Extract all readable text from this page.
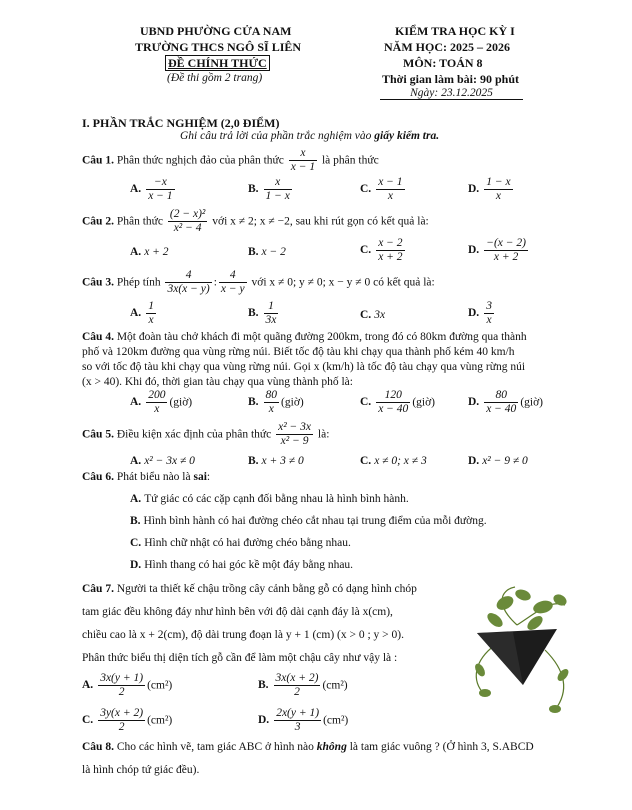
UBND PHƯỜNG CỬA NAM
TRƯỜNG THCS NGÔ SĨ LIÊN
ĐỀ CHÍNH THỨC
(Đề thi gồm 2 trang)
KIỂM TRA HỌC KỲ I
NĂM HỌC: 2025 – 2026
MÔN: TOÁN 8
Thời gian làm bài: 90 phút
Ngày: 23.12.2025
I. PHẦN TRẮC NGHIỆM (2,0 ĐIỂM)
Ghi câu trả lời của phần trắc nghiệm vào giấy kiểm tra.
Câu 1. Phân thức nghịch đảo của phân thức $\frac{x}{x - 1}$ là phân thức
A. $\frac{-x}{x - 1}$	B. $\frac{x}{1 - x}$	C. $\frac{x - 1}{x}$	D. $\frac{1 - x}{x}$
Câu 2. Phân thức $\frac{\text{(2 − x)²}}{\text{x² − 4}}$ với x ≠ 2; x ≠ −2, sau khi rút gọn có kết quả là:
A. x + 2	B. x − 2	C. $\frac{x - 2}{x + 2}$	D. $\frac{-(x - 2)}{x + 2}$
Câu 3. Phép tính $\frac{4}{3x(x - y)}$ : $\frac{4}{x - y}$ với x ≠ 0; y ≠ 0; x − y ≠ 0 có kết quả là:
A. $\frac{1}{x}$	B. $\frac{1}{3x}$	C. 3x	D. $\frac{3}{x}$
Câu 4. Một đoàn tàu chở khách đi một quãng đường 200km, trong đó có 80km đường qua thành
phố và 120km đường qua vùng rừng núi. Biết tốc độ tàu khi chạy qua thành phố kém 40 km/h
so với tốc độ tàu khi chạy qua vùng rừng núi. Gọi x (km/h) là tốc độ tàu chạy qua vùng rừng núi
(x > 40). Khi đó, thời gian tàu chạy qua vùng thành phố là:
A. $\frac{200}{x}$ (giờ)	B. $\frac{80}{x}$ (giờ)	C. $\frac{120}{x - 40}$ (giờ)	D. $\frac{80}{x - 40}$ (giờ)
Câu 5. Điều kiện xác định của phân thức $\frac{\text{x² − 3x}}{\text{x² − 9}}$ là:
A. x² − 3x ≠ 0	B. x + 3 ≠ 0	C. x ≠ 0; x ≠ 3	D. x² − 9 ≠ 0
Câu 6. Phát biểu nào là sai:
A. Tứ giác có các cặp cạnh đối bằng nhau là hình bình hành.
B. Hình bình hành có hai đường chéo cắt nhau tại trung điểm của mỗi đường.
C. Hình chữ nhật có hai đường chéo bằng nhau.
D. Hình thang có hai góc kề một đáy bằng nhau.
Câu 7. Người ta thiết kế chậu trồng cây cảnh bằng gỗ có dạng hình chóp
tam giác đều không đáy như hình bên với độ dài cạnh đáy là x(cm),
chiều cao là x + 2(cm), độ dài trung đoạn là y + 1 (cm) (x > 0 ; y > 0).
Phân thức biểu thị diện tích gỗ cần để làm một chậu cây như vậy là :
A. $\frac{3x(y + 1)}{2} (cm^2)$	B. $\frac{3x(x + 2)}{2} (cm^2)$
C. $\frac{3y(x + 2)}{2} (cm^2)$	D. $\frac{2x(y + 1)}{3} (cm^2)$
Câu 8. Cho các hình vẽ, tam giác ABC ở hình nào không là tam giác vuông ? (Ở hình 3, S.ABCD
là hình chóp tứ giác đều).
